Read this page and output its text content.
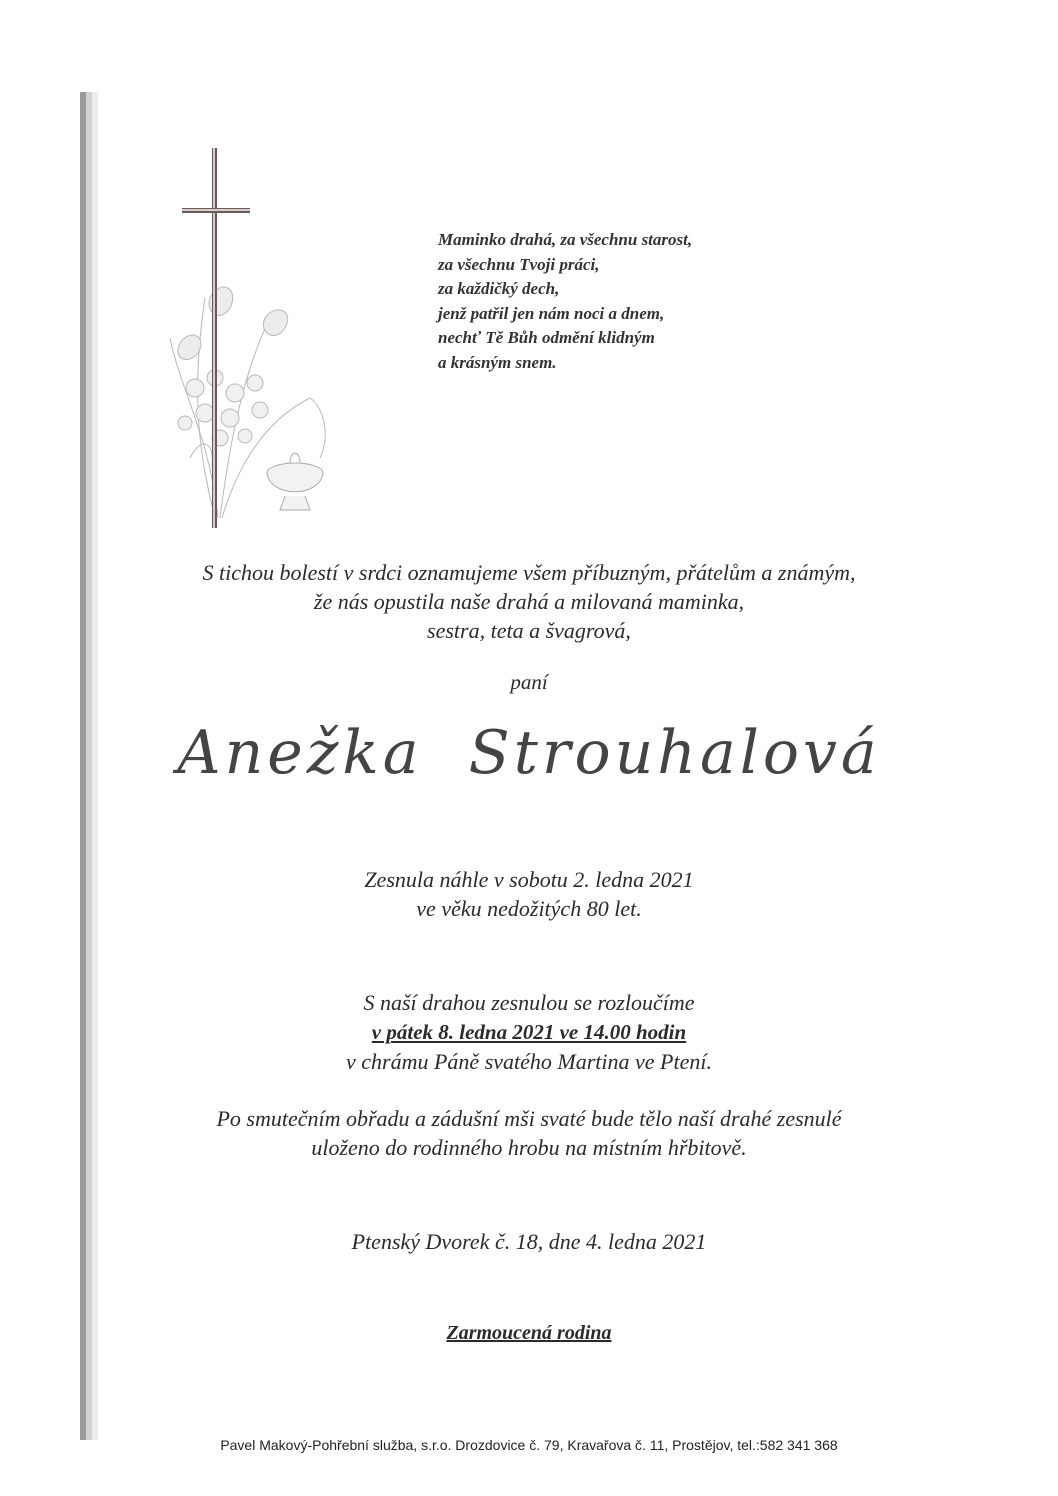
Maminko drahá, za všechnu starost,
za všechnu Tvoji práci,
za každičký dech,
jenž patřil jen nám noci a dnem,
nechť Tě Bůh odmění klidným
a krásným snem.
S tichou bolestí v srdci oznamujeme všem příbuzným, přátelům a známým,
že nás opustila naše drahá a milovaná maminka,
sestra, teta a švagrová,
paní
Anežka  Strouhalová
Zesnula náhle v sobotu 2. ledna 2021
ve věku nedožitých 80 let.
S naší drahou zesnulou se rozloučíme
v pátek 8. ledna 2021 ve 14.00 hodin
v chrámu Páně svatého Martina ve Ptení.
Po smutečním obřadu a zádušní mši svaté bude tělo naší drahé zesnulé
uloženo do rodinného hrobu na místním hřbitově.
Ptenský Dvorek č. 18, dne 4. ledna 2021
Zarmoucená rodina
Pavel Makový-Pohřební služba, s.r.o. Drozdovice č. 79, Kravařova č. 11, Prostějov, tel.:582 341 368
